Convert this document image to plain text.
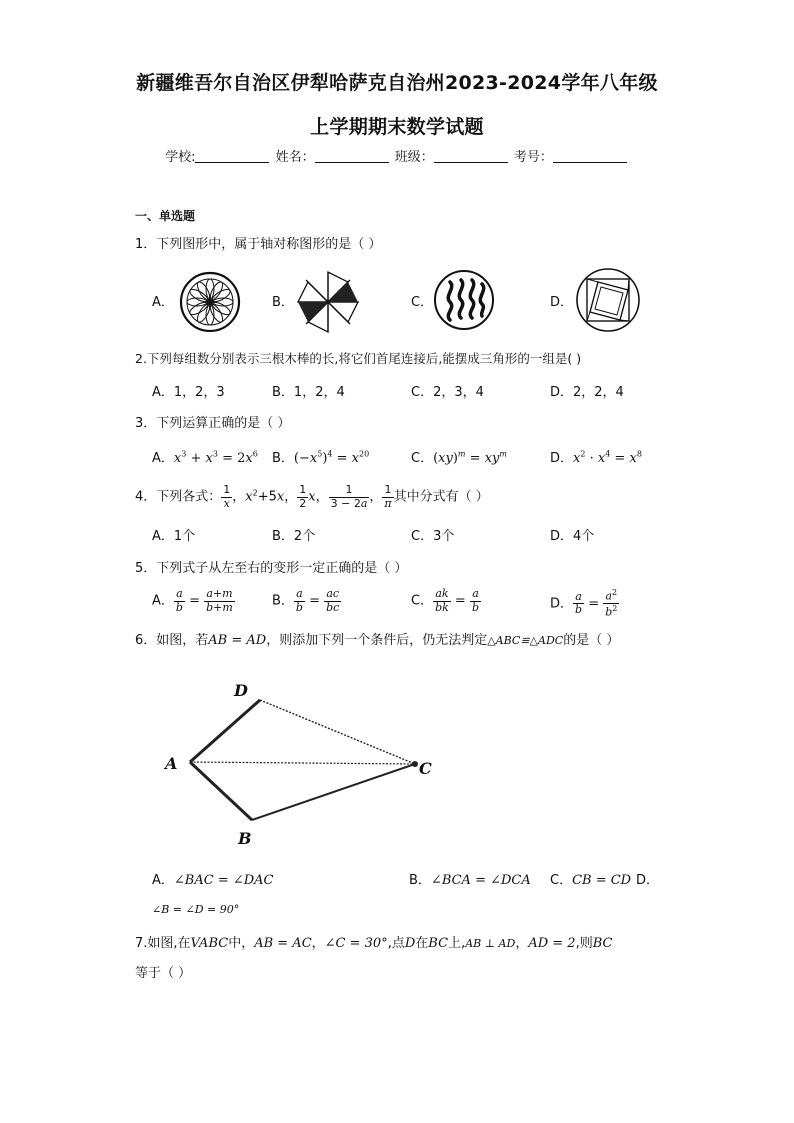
新疆维吾尔自治区伊犁哈萨克自治州2023-2024学年八年级
上学期期末数学试题
学校:	姓名：	班级：	考号：
一、单选题
1．下列图形中，属于轴对称图形的是（ ）
A．	B．	C．	D．
2.下列每组数分别表示三根木棒的长,将它们首尾连接后,能摆成三角形的一组是( )
A．1，2，3	B．1，2，4	C．2，3，4	D．2，2，4
3．下列运算正确的是（ ）
A．$x^3 + x^3 = 2x^6$ B．$(-x^5)^4 = x^{20}$	C．$(xy)^m = xy^m$	D．$x^2 \cdot x^4 = x^8$
4．下列各式： $\frac{1}{x}$ ，$x^2+5x$， $\frac{1}{2}$ x， $\frac{1}{3 - 2a}$ ， $\frac{1}{\pi}$ 其中分式有（ ）
A．1个	B．2个	C．3个	D．4个
5．下列式子从左至右的变形一定正确的是（ ）
A． $\frac{a}{b} = \frac{a+m}{b+m}$	B． $\frac{a}{b} = \frac{ac}{bc}$	C． $\frac{ak}{bk} = \frac{a}{b}$	D． $\frac{a}{b} = \frac{a^2}{b^2}$
6．如图，若AB = AD，则添加下列一个条件后，仍无法判定△ABC≌△ADC的是（ ）
D
A	C
B
A．∠BAC = ∠DAC	B．∠BCA = ∠DCA C．CB = CD D．
∠B = ∠D = 90°
7.如图,在VABC中，AB = AC，∠C = 30°,点D在BC上,AB ⊥ AD，AD = 2,则BC
等于（ ）
